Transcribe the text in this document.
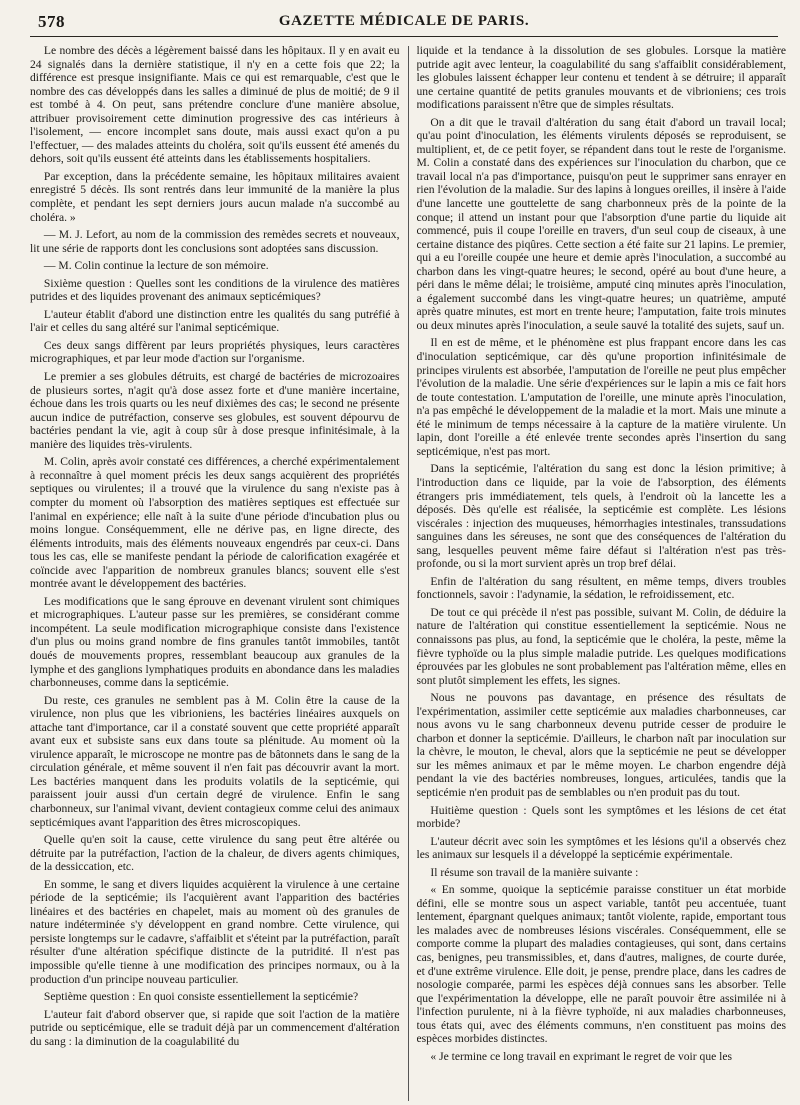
578	GAZETTE MÉDICALE DE PARIS.

Le nombre des décès a légèrement baissé dans les hôpitaux. Il y en avait eu 24 signalés dans la dernière statistique, il n'y en a cette fois que 22; la différence est presque insignifiante. Mais ce qui est remarquable, c'est que le nombre des cas développés dans les salles a diminué de plus de moitié; de 9 il est tombé à 4. On peut, sans prétendre conclure d'une manière absolue, attribuer provisoirement cette diminution progressive des cas intérieurs à l'isolement, — encore incomplet sans doute, mais aussi exact qu'on a pu l'effectuer, — des malades atteints du choléra, soit qu'ils eussent été amenés du dehors, soit qu'ils eussent été atteints dans les établissements hospitaliers.

Par exception, dans la précédente semaine, les hôpitaux militaires avaient enregistré 5 décès. Ils sont rentrés dans leur immunité de la manière la plus complète, et pendant les sept derniers jours aucun malade n'a succombé au choléra. »

— M. J. Lefort, au nom de la commission des remèdes secrets et nouveaux, lit une série de rapports dont les conclusions sont adoptées sans discussion.

— M. Colin continue la lecture de son mémoire.

Sixième question : Quelles sont les conditions de la virulence des matières putrides et des liquides provenant des animaux septicémiques?

L'auteur établit d'abord une distinction entre les qualités du sang putréfié à l'air et celles du sang altéré sur l'animal septicémique.

Ces deux sangs diffèrent par leurs propriétés physiques, leurs caractères micrographiques, et par leur mode d'action sur l'organisme.

Le premier a ses globules détruits, est chargé de bactéries de microzoaires de plusieurs sortes, n'agit qu'à dose assez forte et d'une manière incertaine, échoue dans les trois quarts ou les neuf dixièmes des cas; le second ne présente aucun indice de putréfaction, conserve ses globules, est souvent dépourvu de bactéries pendant la vie, agit à coup sûr à dose presque infinitésimale, à la manière des liquides très-virulents.

M. Colin, après avoir constaté ces différences, a cherché expérimentalement à reconnaître à quel moment précis les deux sangs acquièrent des propriétés septiques ou virulentes; il a trouvé que la virulence du sang n'existe pas à compter du moment où l'absorption des matières septiques est effectuée sur l'animal en expérience; elle naît à la suite d'une période d'incubation plus ou moins longue. Conséquemment, elle ne dérive pas, en ligne directe, des éléments introduits, mais des éléments nouveaux engendrés par ceux-ci. Dans tous les cas, elle se manifeste pendant la période de caloriﬁcation exagérée et coïncide avec l'apparition de nombreux granules blancs; souvent elle s'est montrée avant le développement des bactéries.

Les modifications que le sang éprouve en devenant virulent sont chimiques et micrographiques. L'auteur passe sur les premières, se considérant comme incompétent. La seule modification micrographique consiste dans l'existence d'un plus ou moins grand nombre de fins granules tantôt immobiles, tantôt doués de mouvements propres, ressemblant beaucoup aux granules de la lymphe et des ganglions lymphatiques produits en abondance dans les maladies charbonneuses, comme dans la septicémie.

Du reste, ces granules ne semblent pas à M. Colin être la cause de la virulence, non plus que les vibrioniens, les bactéries linéaires auxquels on attache tant d'importance, car il a constaté souvent que cette propriété apparaît avant eux et subsiste sans eux dans toute sa plénitude. Au moment où la virulence apparaît, le microscope ne montre pas de bâtonnets dans le sang de la circulation générale, et même souvent il n'en fait pas découvrir avant la mort. Les bactéries manquent dans les produits volatils de la septicémie, qui paraissent jouir aussi d'un certain degré de virulence. Enfin le sang charbonneux, sur l'animal vivant, devient contagieux comme celui des animaux septicémiques avant l'apparition des êtres microscopiques.

Quelle qu'en soit la cause, cette virulence du sang peut être altérée ou détruite par la putréfaction, l'action de la chaleur, de divers agents chimiques, de la dessiccation, etc.

En somme, le sang et divers liquides acquièrent la virulence à une certaine période de la septicémie; ils l'acquièrent avant l'apparition des bactéries linéaires et des bactéries en chapelet, mais au moment où des granules de nature indéterminée s'y développent en grand nombre. Cette virulence, qui persiste longtemps sur le cadavre, s'affaiblit et s'éteint par la putréfaction, paraît résulter d'une altération spécifique distincte de la putridité. Il n'est pas impossible qu'elle tienne à une modification des principes normaux, ou à la production d'un principe nouveau particulier.

Septième question : En quoi consiste essentiellement la septicémie?

L'auteur fait d'abord observer que, si rapide que soit l'action de la matière putride ou septicémique, elle se traduit déjà par un commencement d'altération du sang : la diminution de la coagulabilité du

liquide et la tendance à la dissolution de ses globules. Lorsque la matière putride agit avec lenteur, la coagulabilité du sang s'affaiblit considérablement, les globules laissent échapper leur contenu et tendent à se détruire; il apparaît une certaine quantité de petits granules mouvants et de vibrioniens; ces trois modifications paraissent n'être que de simples résultats.

On a dit que le travail d'altération du sang était d'abord un travail local; qu'au point d'inoculation, les éléments virulents déposés se reproduisent, se multiplient, et, de ce petit foyer, se répandent dans tout le reste de l'organisme. M. Colin a constaté dans des expériences sur l'inoculation du charbon, que ce travail local n'a pas d'importance, puisqu'on peut le supprimer sans enrayer en rien l'évolution de la maladie. Sur des lapins à longues oreilles, il insère à l'aide d'une lancette une gouttelette de sang charbonneux près de la pointe de la conque; il attend un instant pour que l'absorption d'une partie du liquide ait commencé, puis il coupe l'oreille en travers, d'un seul coup de ciseaux, à une certaine distance des piqûres. Cette section a été faite sur 21 lapins. Le premier, qui a eu l'oreille coupée une heure et demie après l'inoculation, a succombé au charbon dans les vingt-quatre heures; le second, opéré au bout d'une heure, a péri dans le même délai; le troisième, amputé cinq minutes après l'inoculation, a également succombé dans les vingt-quatre heures; un quatrième, amputé après quatre minutes, est mort en trente heure; l'amputation, faite trois minutes ou deux minutes après l'inoculation, a seule sauvé la totalité des sujets, sauf un.

Il en est de même, et le phénomène est plus frappant encore dans les cas d'inoculation septicémique, car dès qu'une proportion infinitésimale de principes virulents est absorbée, l'amputation de l'oreille ne peut plus empêcher l'évolution de la maladie. Une série d'expériences sur le lapin a mis ce fait hors de toute contestation. L'amputation de l'oreille, une minute après l'inoculation, n'a pas empêché le développement de la maladie et la mort. Mais une minute a été le minimum de temps nécessaire à la capture de la matière virulente. Un lapin, dont l'oreille a été enlevée trente secondes après l'insertion du sang septicémique, n'est pas mort.

Dans la septicémie, l'altération du sang est donc la lésion primitive; à l'introduction dans ce liquide, par la voie de l'absorption, des éléments étrangers pris immédiatement, tels quels, à l'endroit où la lancette les a déposés. Dès qu'elle est réalisée, la septicémie est complète. Les lésions viscérales : injection des muqueuses, hémorrhagies intestinales, transsudations sanguines dans les séreuses, ne sont que des conséquences de l'altération du sang, lesquelles peuvent même faire défaut si l'altération n'est pas très-profonde, ou si la mort survient après un trop bref délai.

Enfin de l'altération du sang résultent, en même temps, divers troubles fonctionnels, savoir : l'adynamie, la sédation, le refroidissement, etc.

De tout ce qui précède il n'est pas possible, suivant M. Colin, de déduire la nature de l'altération qui constitue essentiellement la septicémie. Nous ne connaissons pas plus, au fond, la septicémie que le choléra, la peste, même la fièvre typhoïde ou la plus simple maladie putride. Les quelques modifications éprouvées par les globules ne sont probablement pas l'altération même, elles en sont plutôt simplement les effets, les signes.

Nous ne pouvons pas davantage, en présence des résultats de l'expérimentation, assimiler cette septicémie aux maladies charbonneuses, car nous avons vu le sang charbonneux devenu putride cesser de produire le charbon et donner la septicémie. D'ailleurs, le charbon naît par inoculation sur la chèvre, le mouton, le cheval, alors que la septicémie ne peut se développer sur les mêmes animaux et par le même moyen. Le charbon engendre déjà pendant la vie des bactéries nombreuses, longues, articulées, tandis que la septicémie n'en produit pas de semblables ou n'en produit pas du tout.

Huitième question : Quels sont les symptômes et les lésions de cet état morbide?

L'auteur décrit avec soin les symptômes et les lésions qu'il a observés chez les animaux sur lesquels il a développé la septicémie expérimentale.

Il résume son travail de la manière suivante :

« En somme, quoique la septicémie paraisse constituer un état morbide défini, elle se montre sous un aspect variable, tantôt peu accentuée, tuant lentement, épargnant quelques animaux; tantôt violente, rapide, emportant tous les malades avec de nombreuses lésions viscérales. Conséquemment, elle se comporte comme la plupart des maladies contagieuses, qui sont, dans certains cas, benignes, peu transmissibles, et, dans d'autres, malignes, de courte durée, et d'une extrême virulence. Elle doit, je pense, prendre place, dans les cadres de nosologie comparée, parmi les espèces déjà connues sans les absorber. Telle que l'expérimentation la développe, elle ne paraît pouvoir être assimilée ni à l'infection purulente, ni à la fièvre typhoïde, ni aux maladies charbonneuses, tous états qui, avec des éléments communs, n'en constituent pas moins des espèces morbides distinctes.

« Je termine ce long travail en exprimant le regret de voir que les
